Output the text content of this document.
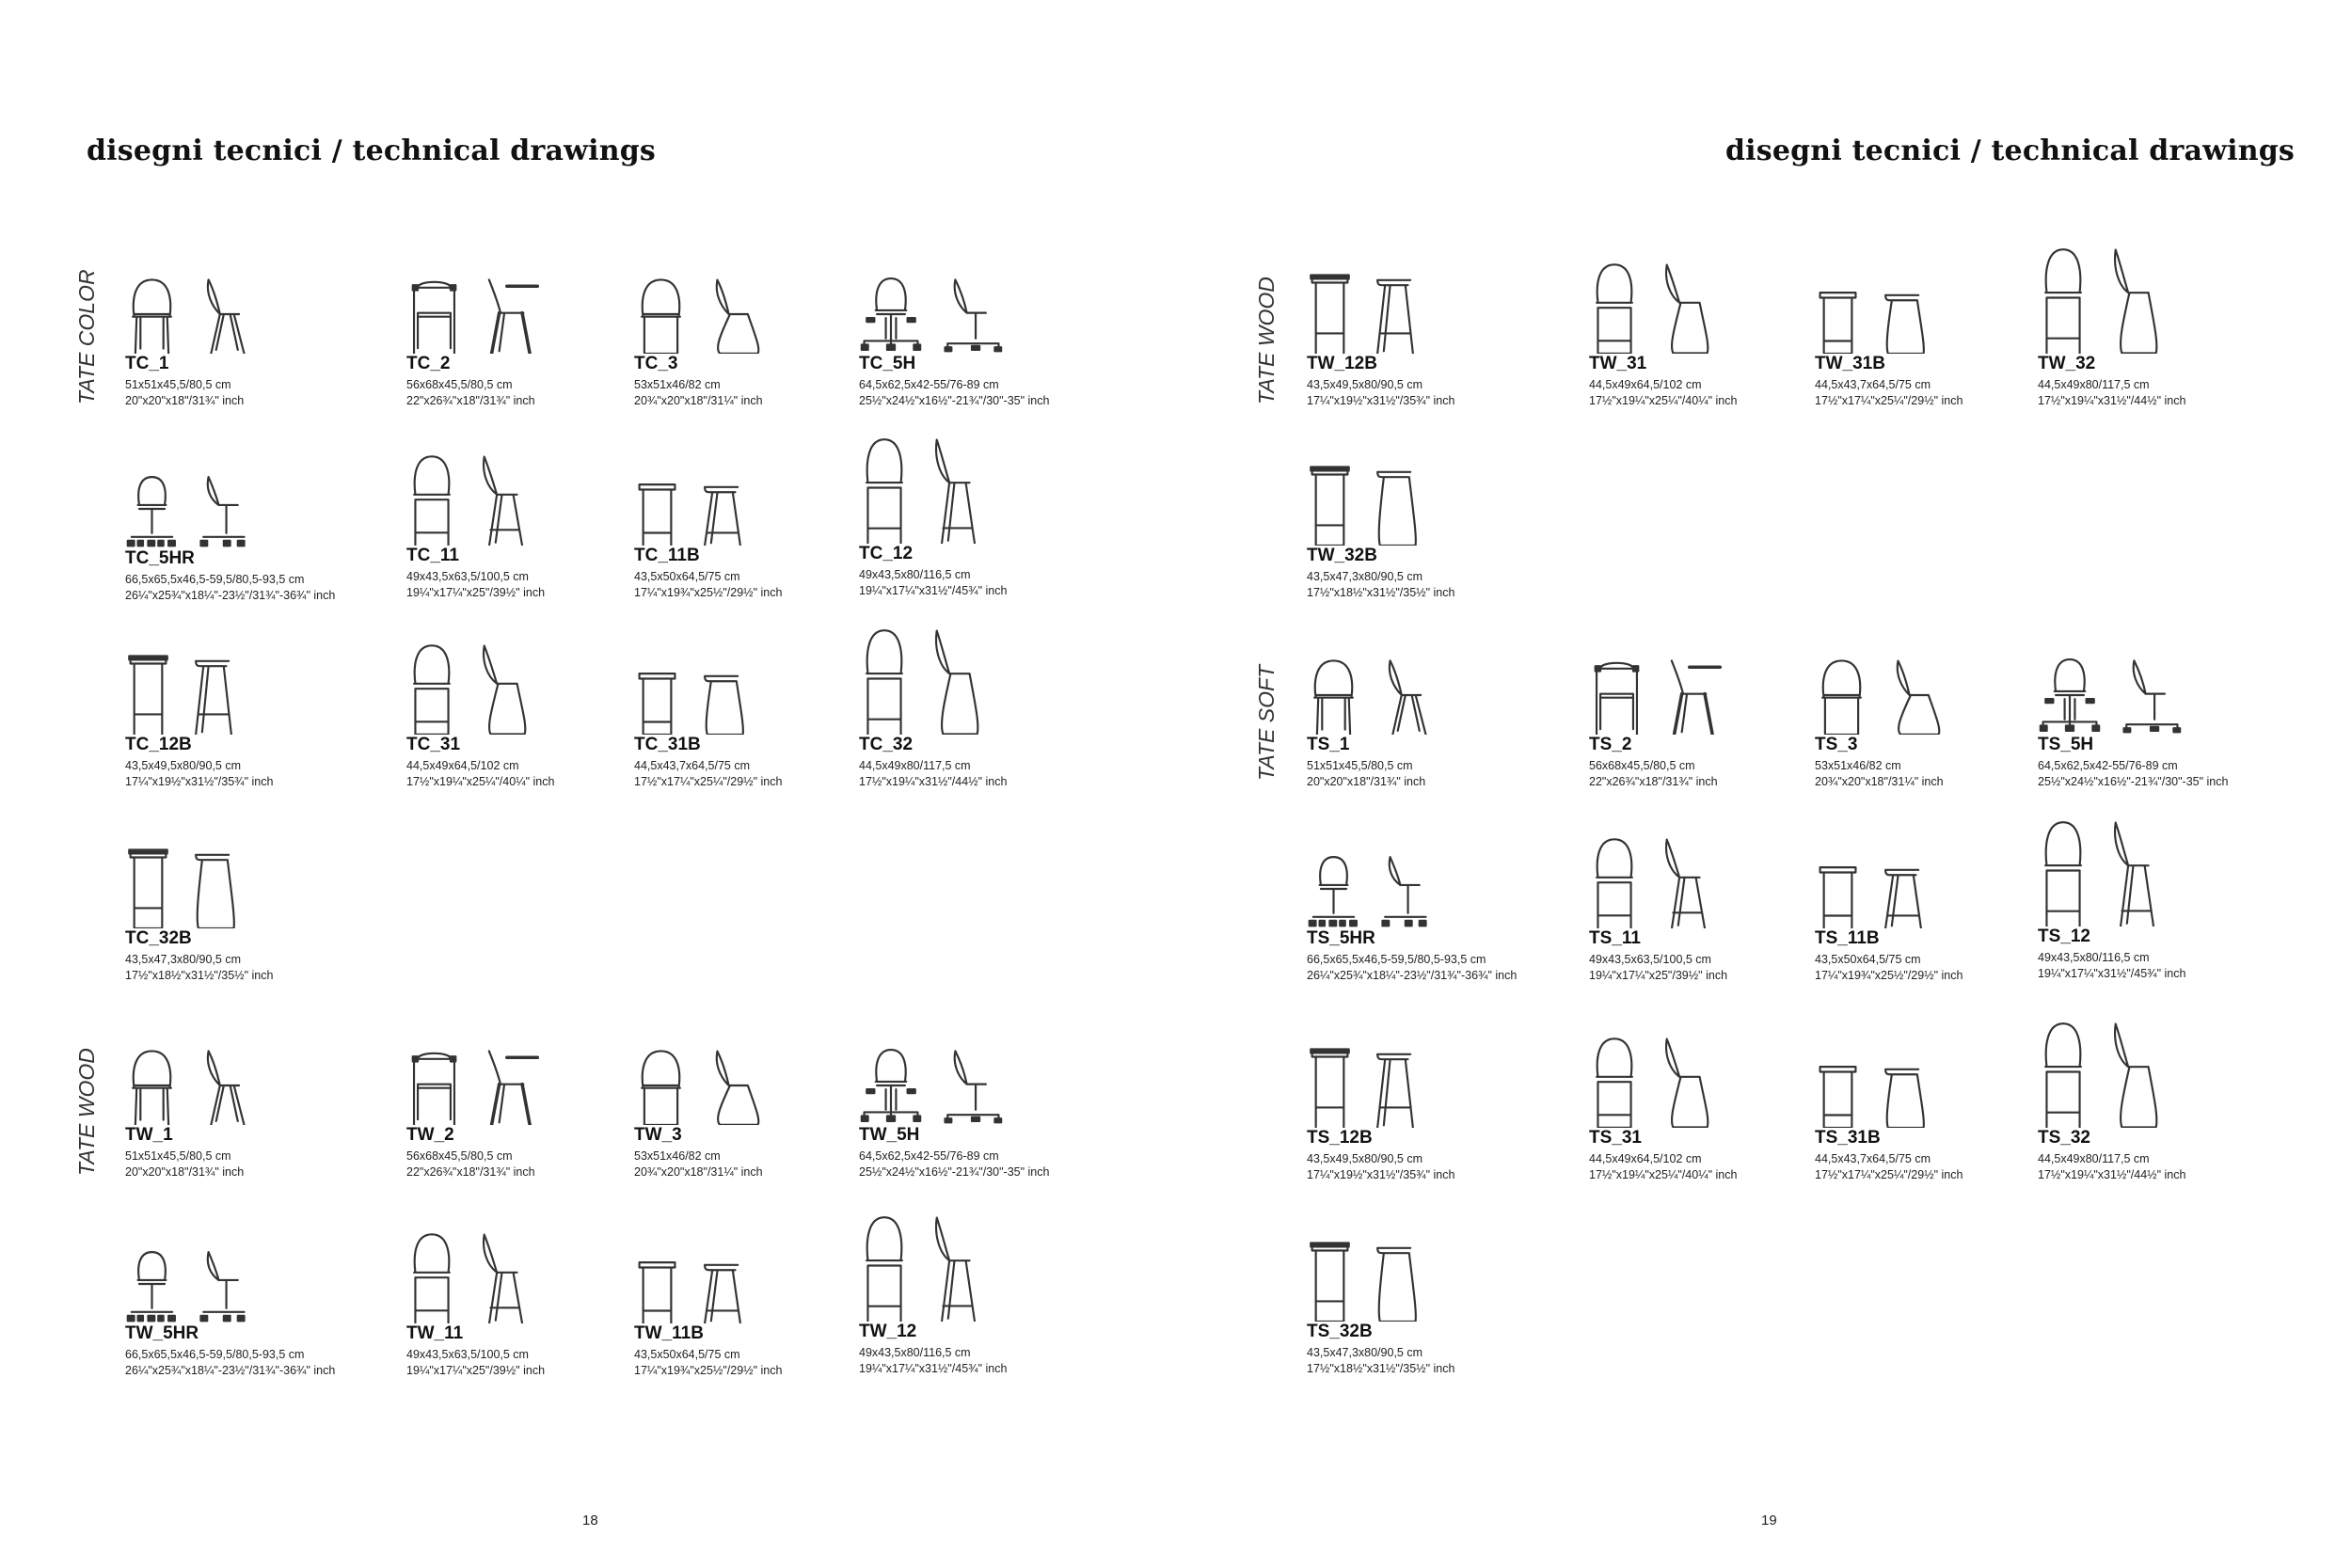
disegni tecnici / technical drawings	disegni tecnici / technical drawings
TATE COLOR
TATE WOOD
TATE WOOD
TATE SOFT
TC_1
51x51x45,5/80,5 cm
20"x20"x18"/31¾" inch
TC_2
56x68x45,5/80,5 cm
22"x26¾"x18"/31¾" inch
TC_3
53x51x46/82 cm
20¾"x20"x18"/31¼" inch
TC_5H
64,5x62,5x42-55/76-89 cm
25½"x24½"x16½"-21¾"/30"-35" inch
TC_5HR
66,5x65,5x46,5-59,5/80,5-93,5 cm
26¼"x25¾"x18¼"-23½"/31¾"-36¾" inch
TC_11
49x43,5x63,5/100,5 cm
19¼"x17¼"x25"/39½" inch
TC_11B
43,5x50x64,5/75 cm
17¼"x19¾"x25½"/29½" inch
TC_12
49x43,5x80/116,5 cm
19¼"x17¼"x31½"/45¾" inch
TC_12B
43,5x49,5x80/90,5 cm
17¼"x19½"x31½"/35¾" inch
TC_31
44,5x49x64,5/102 cm
17½"x19¼"x25¼"/40¼" inch
TC_31B
44,5x43,7x64,5/75 cm
17½"x17¼"x25¼"/29½" inch
TC_32
44,5x49x80/117,5 cm
17½"x19¼"x31½"/44½" inch
TC_32B
43,5x47,3x80/90,5 cm
17½"x18½"x31½"/35½" inch
TW_1
51x51x45,5/80,5 cm
20"x20"x18"/31¾" inch
TW_2
56x68x45,5/80,5 cm
22"x26¾"x18"/31¾" inch
TW_3
53x51x46/82 cm
20¾"x20"x18"/31¼" inch
TW_5H
64,5x62,5x42-55/76-89 cm
25½"x24½"x16½"-21¾"/30"-35" inch
TW_5HR
66,5x65,5x46,5-59,5/80,5-93,5 cm
26¼"x25¾"x18¼"-23½"/31¾"-36¾" inch
TW_11
49x43,5x63,5/100,5 cm
19¼"x17¼"x25"/39½" inch
TW_11B
43,5x50x64,5/75 cm
17¼"x19¾"x25½"/29½" inch
TW_12
49x43,5x80/116,5 cm
19¼"x17¼"x31½"/45¾" inch
TW_12B
43,5x49,5x80/90,5 cm
17¼"x19½"x31½"/35¾" inch
TW_31
44,5x49x64,5/102 cm
17½"x19¼"x25¼"/40¼" inch
TW_31B
44,5x43,7x64,5/75 cm
17½"x17¼"x25¼"/29½" inch
TW_32
44,5x49x80/117,5 cm
17½"x19¼"x31½"/44½" inch
TW_32B
43,5x47,3x80/90,5 cm
17½"x18½"x31½"/35½" inch
TS_1
51x51x45,5/80,5 cm
20"x20"x18"/31¾" inch
TS_2
56x68x45,5/80,5 cm
22"x26¾"x18"/31¾" inch
TS_3
53x51x46/82 cm
20¾"x20"x18"/31¼" inch
TS_5H
64,5x62,5x42-55/76-89 cm
25½"x24½"x16½"-21¾"/30"-35" inch
TS_5HR
66,5x65,5x46,5-59,5/80,5-93,5 cm
26¼"x25¾"x18¼"-23½"/31¾"-36¾" inch
TS_11
49x43,5x63,5/100,5 cm
19¼"x17¼"x25"/39½" inch
TS_11B
43,5x50x64,5/75 cm
17¼"x19¾"x25½"/29½" inch
TS_12
49x43,5x80/116,5 cm
19¼"x17¼"x31½"/45¾" inch
TS_12B
43,5x49,5x80/90,5 cm
17¼"x19½"x31½"/35¾" inch
TS_31
44,5x49x64,5/102 cm
17½"x19¼"x25¼"/40¼" inch
TS_31B
44,5x43,7x64,5/75 cm
17½"x17¼"x25¼"/29½" inch
TS_32
44,5x49x80/117,5 cm
17½"x19¼"x31½"/44½" inch
TS_32B
43,5x47,3x80/90,5 cm
17½"x18½"x31½"/35½" inch
18	19
